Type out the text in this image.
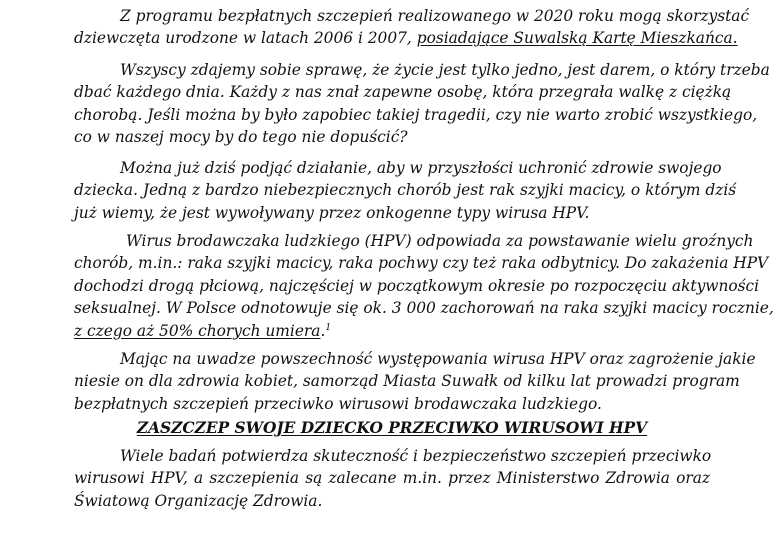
Z programu bezpłatnych szczepień realizowanego w 2020 roku mogą skorzystać
dziewczęta urodzone w latach 2006 i 2007, posiadające Suwalską Kartę Mieszkańca.

Wszyscy zdajemy sobie sprawę, że życie jest tylko jedno, jest darem, o który trzeba
dbać każdego dnia. Każdy z nas znał zapewne osobę, która przegrała walkę z ciężką
chorobą. Jeśli można by było zapobiec takiej tragedii, czy nie warto zrobić wszystkiego,
co w naszej mocy by do tego nie dopuścić?

Można już dziś podjąć działanie, aby w przyszłości uchronić zdrowie swojego
dziecka. Jedną z bardzo niebezpiecznych chorób jest rak szyjki macicy, o którym dziś
już wiemy, że jest wywoływany przez onkogenne typy wirusa HPV.

Wirus brodawczaka ludzkiego (HPV) odpowiada za powstawanie wielu groźnych
chorób, m.in.: raka szyjki macicy, raka pochwy czy też raka odbytnicy. Do zakażenia HPV
dochodzi drogą płciową, najczęściej w początkowym okresie po rozpoczęciu aktywności
seksualnej. W Polsce odnotowuje się ok. 3 000 zachorowań na raka szyjki macicy rocznie,
z czego aż 50% chorych umiera.$^1$

Mając na uwadze powszechność występowania wirusa HPV oraz zagrożenie jakie
niesie on dla zdrowia kobiet, samorząd Miasta Suwałk od kilku lat prowadzi program
bezpłatnych szczepień przeciwko wirusowi brodawczaka ludzkiego.

ZASZCZEP SWOJE DZIECKO PRZECIWKO WIRUSOWI HPV

Wiele badań potwierdza skuteczność i bezpieczeństwo szczepień przeciwko
wirusowi HPV, a szczepienia są zalecane m.in. przez Ministerstwo Zdrowia oraz
Światową Organizację Zdrowia.
